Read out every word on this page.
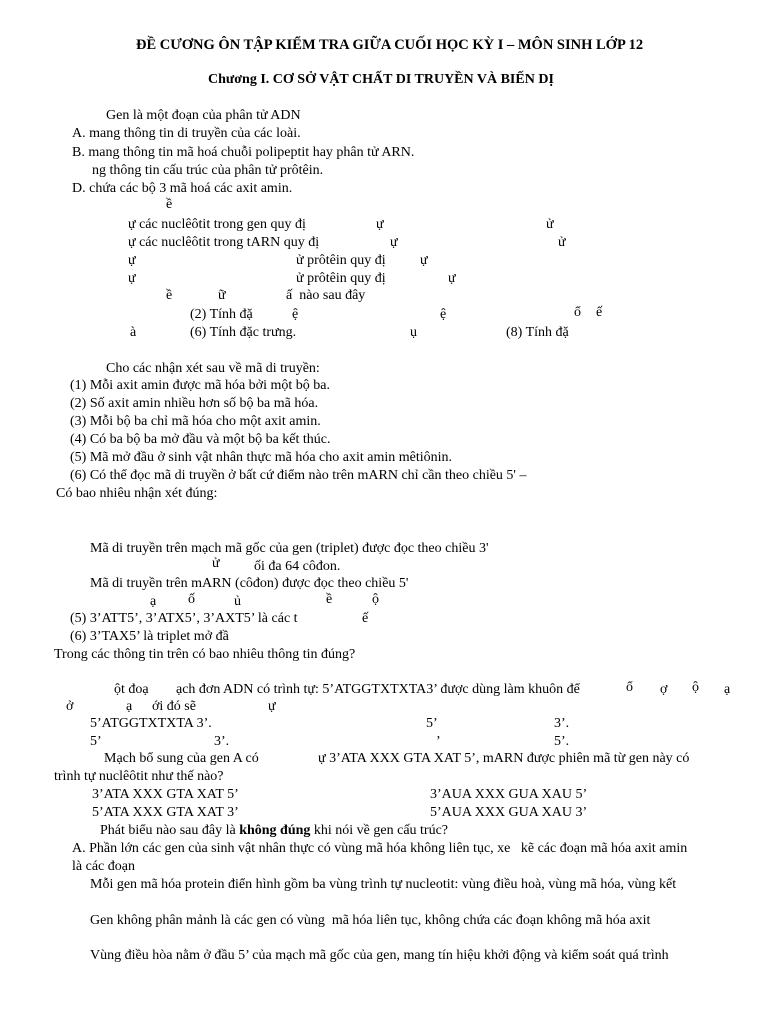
ĐỀ CƯƠNG ÔN TẬP KIỂM TRA GIỮA CUỐI HỌC KỲ I – MÔN SINH LỚP 12
Chương I. CƠ SỞ VẬT CHẤT DI TRUYỀN VÀ BIẾN DỊ
Gen là một đoạn của phân tử ADN
A. mang thông tin di truyền của các loài.
B. mang thông tin mã hoá chuỗi polipeptit hay phân tử ARN.
ng thông tin cấu trúc của phân tử prôtêin.
D. chứa các bộ 3 mã hoá các axit amin.
ề
ự các nuclêôtit trong gen quy đị	ự	ử
ự các nuclêôtit trong tARN quy đị	ự	ử
ự	ử prôtêin quy đị ự
ự	ử prôtêin quy đị	ự
ề	ữ	ấ  nào sau đây
(2) Tính đặ	ệ	ệ	ổ ế
à	(6) Tính đặc trưng.	ụ	(8) Tính đặ
Cho các nhận xét sau về mã di truyền:
(1) Mỗi axit amin được mã hóa bởi một bộ ba.
(2) Số axit amin nhiều hơn số bộ ba mã hóa.
(3) Mỗi bộ ba chỉ mã hóa cho một axit amin.
(4) Có ba bộ ba mở đầu và một bộ ba kết thúc.
(5) Mã mở đầu ở sinh vật nhân thực mã hóa cho axit amin mêtiônin.
(6) Có thể đọc mã di truyền ở bất cứ điểm nào trên mARN chỉ cần theo chiều 5' –
Có bao nhiêu nhận xét đúng:
Mã di truyền trên mạch mã gốc của gen (triplet) được đọc theo chiều 3'
ử ối đa 64 côđon.
Mã di truyền trên mARN (côđon) được đọc theo chiều 5'
ạ ố	ủ	ề	ộ
(5) 3’ATT5’, 3’ATX5’, 3’AXT5’ là các t	ế
(6) 3’TAX5’ là triplet mở đầ
Trong các thông tin trên có bao nhiêu thông tin đúng?
ột đoạ ạch đơn ADN có trình tự: 5’ATGGTXTXTA3’ được dùng làm khuôn để	ổ ợ ộ ạ
ở	ạ ới đó sẽ	ự
5’ATGGTXTXTA 3’.	5’	3’.
5’	3’.	’	5’.
Mạch bổ sung của gen A có	ự 3’ATA XXX GTA XAT 5’, mARN được phiên mã từ gen này có
trình tự nuclêôtit như thế nào?
3’ATA XXX GTA XAT 5’	3’AUA XXX GUA XAU 5’
5’ATA XXX GTA XAT 3’	5’AUA XXX GUA XAU 3’
Phát biểu nào sau đây là không đúng khi nói về gen cấu trúc?
A. Phần lớn các gen của sinh vật nhân thực có vùng mã hóa không liên tục, xe   kẽ các đoạn mã hóa axit amin
là các đoạn
Mỗi gen mã hóa protein điển hình gồm ba vùng trình tự nucleotit: vùng điều hoà, vùng mã hóa, vùng kết
Gen không phân mảnh là các gen có vùng  mã hóa liên tục, không chứa các đoạn không mã hóa axit
Vùng điều hòa nằm ở đầu 5’ của mạch mã gốc của gen, mang tín hiệu khởi động và kiểm soát quá trình
